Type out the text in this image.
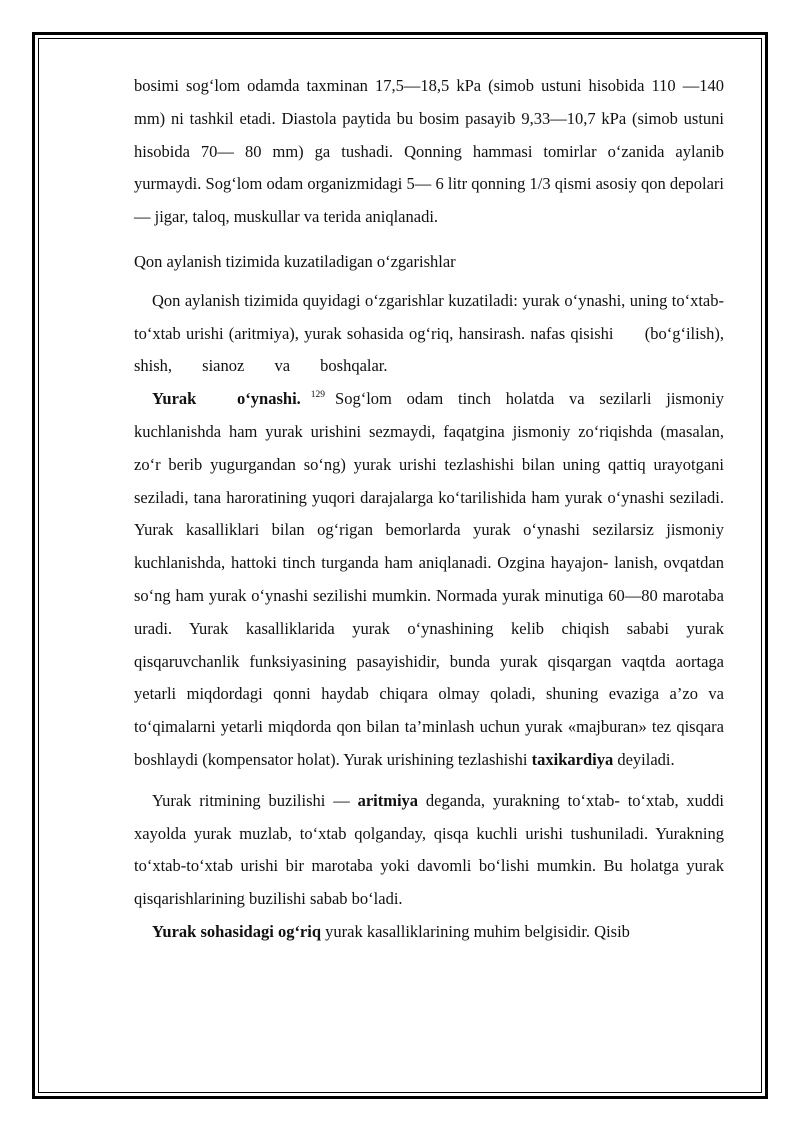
bosimi sog‘lom odamda taxminan 17,5—18,5 kPa (simob ustuni hisobida 110 —140 mm) ni tashkil etadi. Diastola paytida bu bosim pasayib 9,33—10,7 kPa (simob ustuni hisobida 70— 80 mm) ga tushadi. Qonning hammasi tomirlar o‘zanida aylanib yurmaydi. Sog‘lom odam organizmidagi 5— 6 litr qonning 1/3 qismi asosiy qon depolari — jigar, taloq, muskullar va terida aniqlanadi.

Qon aylanish tizimida kuzatiladigan o‘zgarishlar

Qon aylanish tizimida quyidagi o‘zgarishlar kuzatiladi: yurak o‘ynashi, uning to‘xtab-to‘xtab urishi (aritmiya), yurak sohasida og‘riq, hansirash. nafas qisishi (bo‘g‘ilish), shish, sianoz va boshqalar.

Yurak o‘ynashi. $^{129}$ Sog‘lom odam tinch holatda va sezilarli jismoniy kuchlanishda ham yurak urishini sezmaydi, faqatgina jismoniy zo‘riqishda (masalan, zo‘r berib yugurgandan so‘ng) yurak urishi tezlashishi bilan uning qattiq urayotgani seziladi, tana haroratining yuqori darajalarga ko‘tarilishida ham yurak o‘ynashi seziladi. Yurak kasalliklari bilan og‘rigan bemorlarda yurak o‘ynashi sezilarsiz jismoniy kuchlanishda, hattoki tinch turganda ham aniqlanadi. Ozgina hayajon- lanish, ovqatdan so‘ng ham yurak o‘ynashi sezilishi mumkin. Normada yurak minutiga 60—80 marotaba uradi. Yurak kasalliklarida yurak o‘ynashining kelib chiqish sababi yurak qisqaruvchanlik funksiyasining pasayishidir, bunda yurak qisqargan vaqtda aortaga yetarli miqdordagi qonni haydab chiqara olmay qoladi, shuning evaziga a’zo va to‘qimalarni yetarli miqdorda qon bilan ta’minlash uchun yurak «majburan» tez qisqara boshlaydi (kompensator holat). Yurak urishining tezlashishi taxikardiya deyiladi.

Yurak ritmining buzilishi — aritmiya deganda, yurakning to‘xtab- to‘xtab, xuddi xayolda yurak muzlab, to‘xtab qolganday, qisqa kuchli urishi tushuniladi. Yurakning to‘xtab-to‘xtab urishi bir marotaba yoki davomli bo‘lishi mumkin. Bu holatga yurak qisqarishlarining buzilishi sabab bo‘ladi.

Yurak sohasidagi og‘riq yurak kasalliklarining muhim belgisidir. Qisib
